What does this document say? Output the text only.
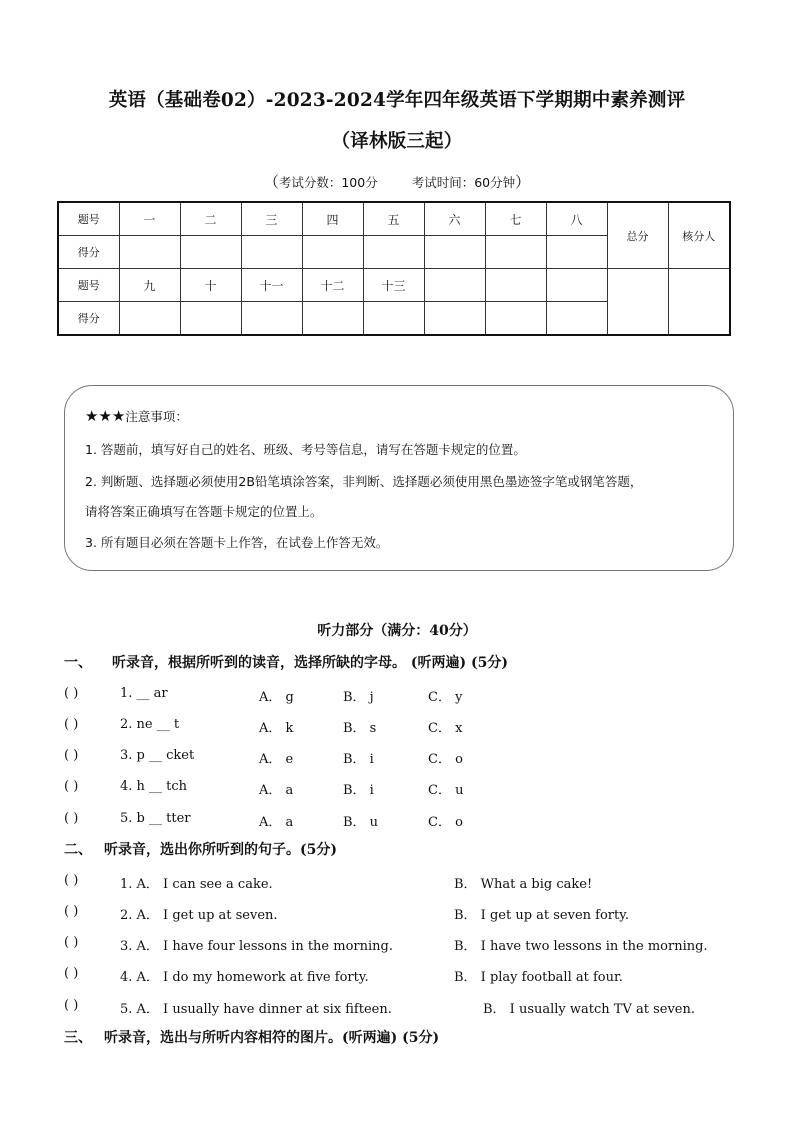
英语（基础卷02）-2023-2024学年四年级英语下学期期中素养测评
（译林版三起）
（考试分数：100分	考试时间：60分钟）
题号	一	二	三	四	五	六	七	八	总分	核分人
得分										
题号	九	十	十一	十二	十三					
得分										
★★★注意事项：
1. 答题前，填写好自己的姓名、班级、考号等信息，请写在答题卡规定的位置。
2. 判断题、选择题必须使用2B铅笔填涂答案，非判断、选择题必须使用黑色墨迹签字笔或钢笔答题，
请将答案正确填写在答题卡规定的位置上。
3. 所有题目必须在答题卡上作答，在试卷上作答无效。
听力部分（满分：40分）
一、 听录音，根据所听到的读音，选择所缺的字母。 (听两遍) (5分)
( )	1. __ ar	A． g	B． j	C． y
( )	2. ne __ t	A． k	B． s	C． x
( )	3. p __ cket	A． e	B． i	C． o
( )	4. h __ tch	A． a	B． i	C． u
( )	5. b __ tter	A． a	B． u	C． o
二、 听录音，选出你所听到的句子。(5分)
( )	1. A． I can see a cake.	B． What a big cake!
( )	2. A． I get up at seven.	B． I get up at seven forty.
( )	3. A． I have four lessons in the morning.	B． I have two lessons in the morning.
( )	4. A． I do my homework at five forty.	B． I play football at four.
( )	5. A． I usually have dinner at six fifteen.	B． I usually watch TV at seven.
三、 听录音，选出与所听内容相符的图片。(听两遍) (5分)
